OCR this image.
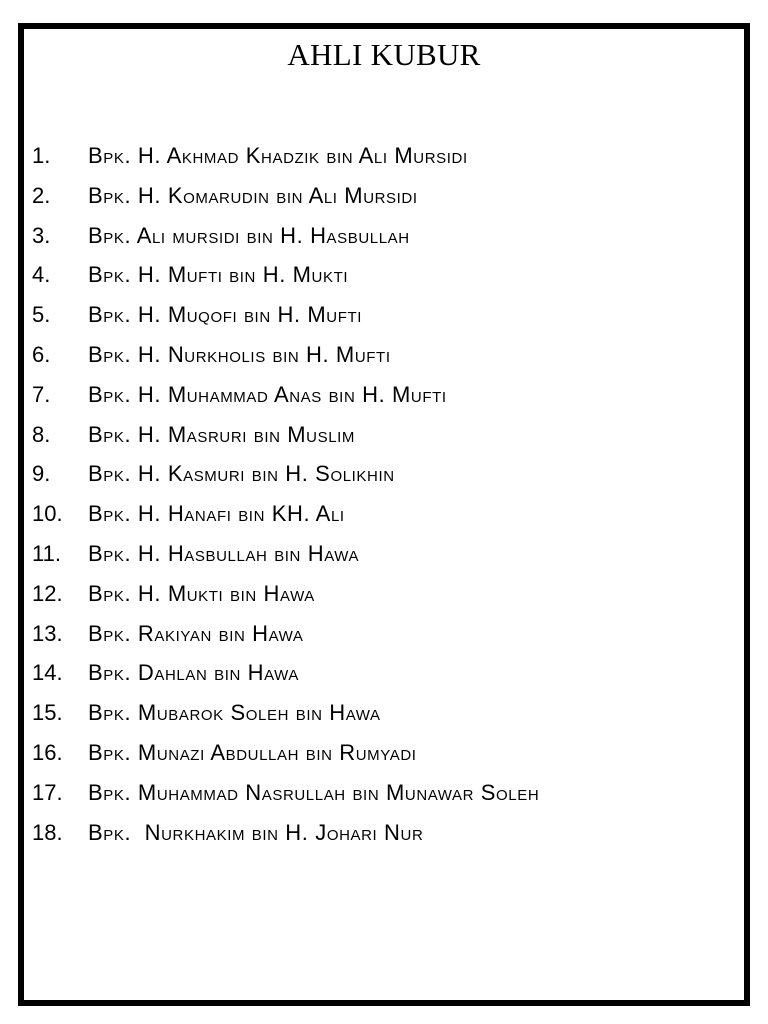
AHLI KUBUR
1.	Bpk. H. Akhmad Khadzik bin Ali Mursidi
2.	Bpk. H. Komarudin bin Ali Mursidi
3.	Bpk. Ali mursidi bin H. Hasbullah
4.	Bpk. H. Mufti bin H. Mukti
5.	Bpk. H. Muqofi bin H. Mufti
6.	Bpk. H. Nurkholis bin H. Mufti
7.	Bpk. H. Muhammad Anas bin H. Mufti
8.	Bpk. H. Masruri bin Muslim
9.	Bpk. H. Kasmuri bin H. Solikhin
10.	Bpk. H. Hanafi bin KH. Ali
11.	Bpk. H. Hasbullah bin Hawa
12.	Bpk. H. Mukti bin Hawa
13.	Bpk. Rakiyan bin Hawa
14.	Bpk. Dahlan bin Hawa
15.	Bpk. Mubarok Soleh bin Hawa
16.	Bpk. Munazi Abdullah bin Rumyadi
17.	Bpk. Muhammad Nasrullah bin Munawar Soleh
18.	Bpk.  Nurkhakim bin H. Johari Nur
